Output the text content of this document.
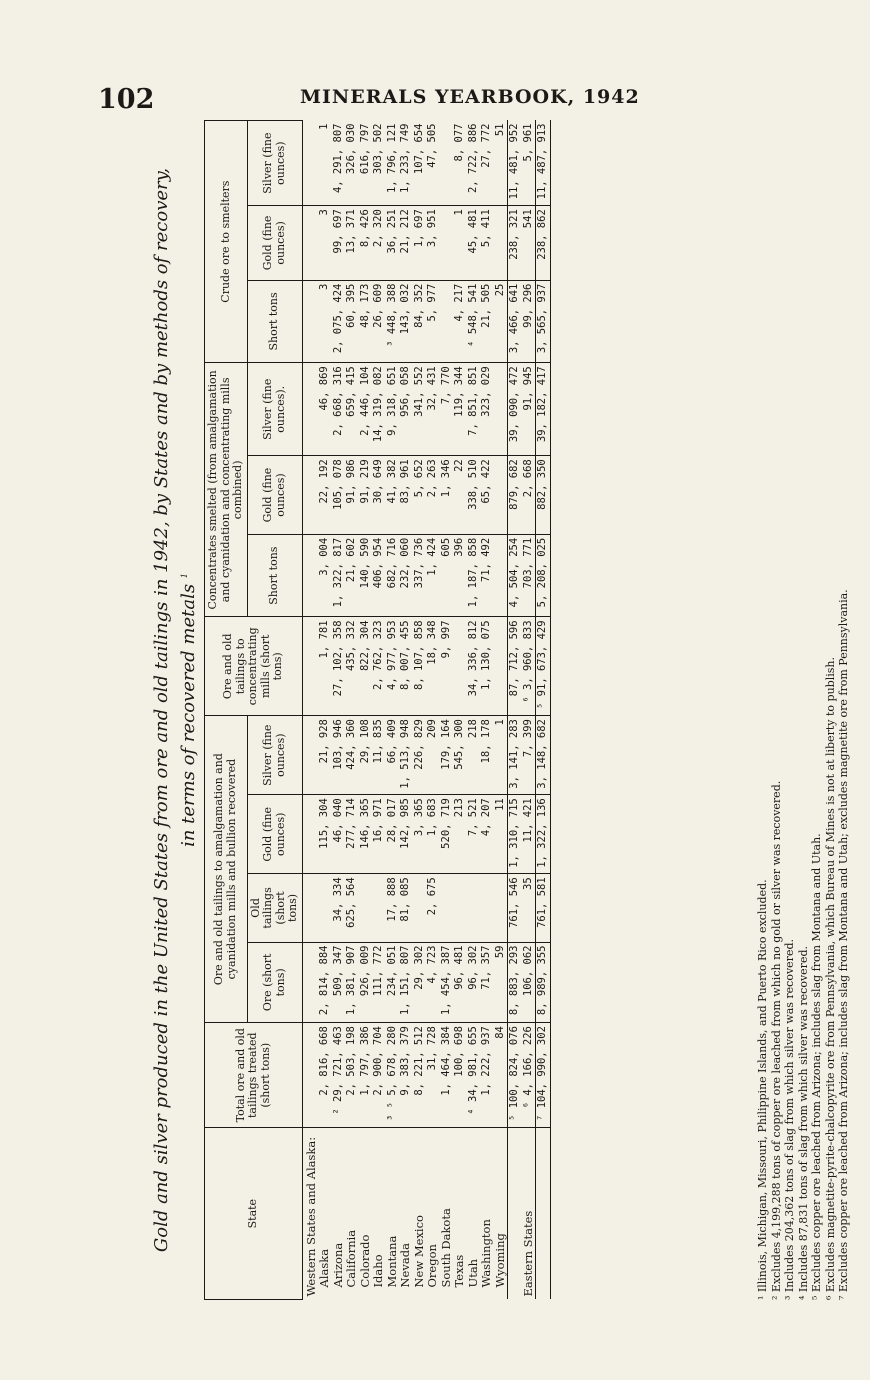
102	MINERALS YEARBOOK, 1942
Gold and silver produced in the United States from ore and old tailings in 1942, by States and by methods of recovery, in terms of recovered metals $^1$
State	Total ore and old tailings treated (short tons)	Ore and old tailings to amalgamation and cyanidation mills and bullion recovered				Ore and old tailings to concentrating mills (short tons)	Concentrates smelted (from amalgamation and cyanidation and concentrating mills combined)			Crude ore to smelters		
		Ore (short tons)	Old tailings (short tons)	Gold (fine ounces)	Silver (fine ounces)		Short tons	Gold (fine ounces)	Silver (fine ounces).	Short tons	Gold (fine ounces)	Silver (fine ounces)
Western States and Alaska:												
Alaska	2, 816, 668	2, 814, 884		115, 304	21, 928	1, 781	3, 004	22, 192	46, 869	3	3	1
Arizona	² 29, 721, 463	509, 347	34, 334	46, 040	103, 946	27, 102, 358	1, 322, 817	105, 078	2, 668, 316	2, 075, 424	99, 697	4, 291, 807
California	2, 503, 198	1, 381, 907	625, 564	277, 714	424, 360	435, 332	21, 602	91, 986	659, 415	60, 395	13, 371	326, 030
Colorado	1, 797, 386	926, 009		146, 365	29, 108	822, 304	140, 590	91, 219	2, 446, 104	48, 173	8, 426	616, 797
Idaho	2, 900, 704	111, 772		16, 971	11, 835	2, 762, 323	406, 954	30, 649	14, 319, 082	26, 609	2, 320	303, 502
Montana	³ ⁵ 5, 678, 280	234, 051	17, 888	28, 017	66, 409	4, 977, 953	682, 716	41, 382	9, 318, 651	³ 448, 388	36, 251	1, 796, 121
Nevada	9, 383, 379	1, 151, 807	81, 085	142, 985	1, 513, 948	8, 007, 455	232, 060	83, 961	956, 058	143, 032	21, 212	1, 233, 749
New Mexico	8, 221, 512	29, 302		3, 365	226, 829	8, 107, 858	337, 736	5, 652	341, 552	84, 352	1, 697	107, 654
Oregon	31, 728	4, 723	2, 675	1, 683	209	18, 348	1, 424	2, 263	32, 431	5, 977	3, 951	47, 505
South Dakota	1, 464, 384	1, 454, 387		520, 719	179, 164	9, 997	605	1, 346	7, 770			
Texas	100, 698	96, 481		213	545, 300		396	22	119, 344	4, 217	1	8, 077
Utah	⁴ 34, 981, 655	96, 302		7, 521	218	34, 336, 812	1, 187, 858	338, 510	7, 851, 851	⁴ 548, 541	45, 481	2, 722, 886
Washington	1, 222, 937	71, 357		4, 207	18, 178	1, 130, 075	71, 492	65, 422	323, 029	21, 505	5, 411	27, 772
Wyoming	84	59		11	1					25		51
	⁵ 100, 824, 076	8, 883, 293	761, 546	1, 310, 715	3, 141, 283	87, 712, 596	4, 504, 254	879, 682	39, 090, 472	3, 466, 641	238, 321	11, 481, 952
Eastern States	⁶ 4, 166, 226	106, 062	35	11, 421	7, 399	⁶ 3, 960, 833	703, 771	2, 668	91, 945	99, 296	541	5, 961
	⁷ 104, 990, 302	8, 989, 355	761, 581	1, 322, 136	3, 148, 682	⁵ 91, 673, 429	5, 208, 025	882, 350	39, 182, 417	3, 565, 937	238, 862	11, 487, 913
¹ Illinois, Michigan, Missouri, Philippine Islands, and Puerto Rico excluded. ² Excludes 4,199,288 tons of copper ore leached from which no gold or silver was recovered. ³ Includes 204,362 tons of slag from which silver was recovered. ⁴ Includes 87,831 tons of slag from which silver was recovered. ⁵ Excludes copper ore leached from Arizona; includes slag from Montana and Utah. ⁶ Excludes magnetite-pyrite-chalcopyrite ore from Pennsylvania, which Bureau of Mines is not at liberty to publish. ⁷ Excludes copper ore leached from Arizona; includes slag from Montana and Utah; excludes magnetite ore from Pennsylvania.
